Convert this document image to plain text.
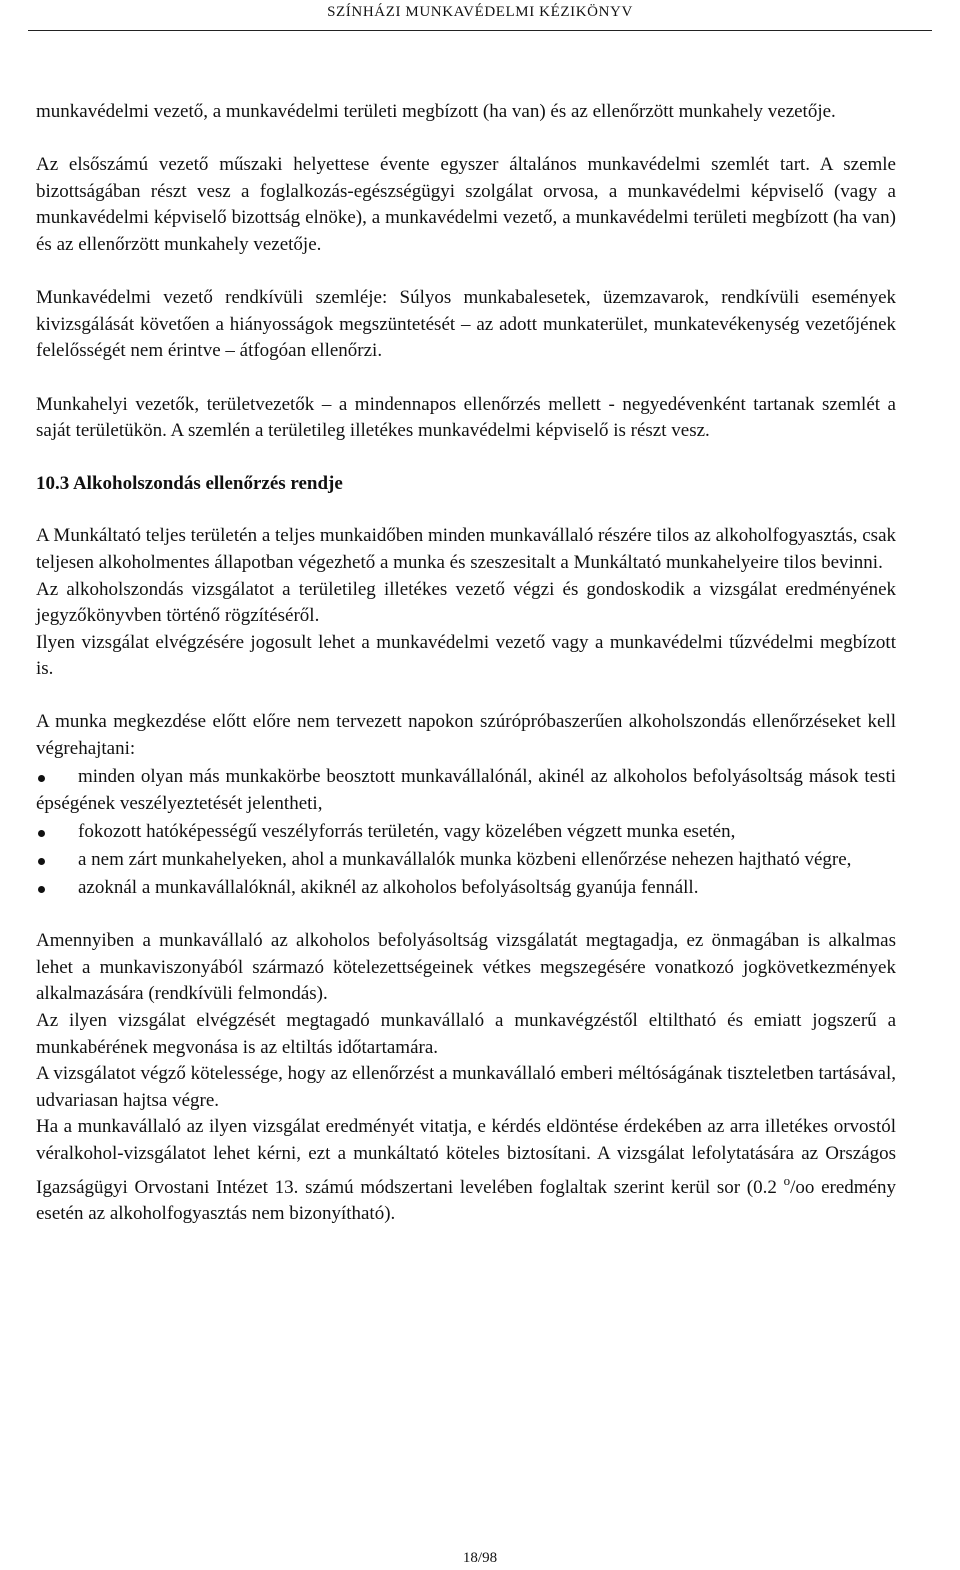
SZÍNHÁZI MUNKAVÉDELMI KÉZIKÖNYV

munkavédelmi vezető, a munkavédelmi területi megbízott (ha van) és az ellenőrzött munkahely vezetője.

Az elsőszámú vezető műszaki helyettese évente egyszer általános munkavédelmi szemlét tart. A szemle bizottságában részt vesz a foglalkozás-egészségügyi szolgálat orvosa, a munkavédelmi képviselő (vagy a munkavédelmi képviselő bizottság elnöke), a munkavédelmi vezető, a munkavédelmi területi megbízott (ha van) és az ellenőrzött munkahely vezetője.

Munkavédelmi vezető rendkívüli szemléje: Súlyos munkabalesetek, üzemzavarok, rendkívüli események kivizsgálását követően a hiányosságok megszüntetését – az adott munkaterület, munkatevékenység vezetőjének felelősségét nem érintve – átfogóan ellenőrzi.

Munkahelyi vezetők, területvezetők – a mindennapos ellenőrzés mellett - negyedévenként tartanak szemlét a saját területükön. A szemlén a területileg illetékes munkavédelmi képviselő is részt vesz.

10.3 Alkoholszondás ellenőrzés rendje

A Munkáltató teljes területén a teljes munkaidőben minden munkavállaló részére tilos az alkoholfogyasztás, csak teljesen alkoholmentes állapotban végezhető a munka és szeszesitalt a Munkáltató munkahelyeire tilos bevinni.

Az alkoholszondás vizsgálatot a területileg illetékes vezető végzi és gondoskodik a vizsgálat eredményének jegyzőkönyvben történő rögzítéséről.

Ilyen vizsgálat elvégzésére jogosult lehet a munkavédelmi vezető vagy a munkavédelmi tűzvédelmi megbízott is.

A munka megkezdése előtt előre nem tervezett napokon szúrópróbaszerűen alkoholszondás ellenőrzéseket kell végrehajtani:

minden olyan más munkakörbe beosztott munkavállalónál, akinél az alkoholos befolyásoltság mások testi épségének veszélyeztetését jelentheti,
fokozott hatóképességű veszélyforrás területén, vagy közelében végzett munka esetén,
a nem zárt munkahelyeken, ahol a munkavállalók munka közbeni ellenőrzése nehezen hajtható végre,
azoknál a munkavállalóknál, akiknél az alkoholos befolyásoltság gyanúja fennáll.

Amennyiben a munkavállaló az alkoholos befolyásoltság vizsgálatát megtagadja, ez önmagában is alkalmas lehet a munkaviszonyából származó kötelezettségeinek vétkes megszegésére vonatkozó jogkövetkezmények alkalmazására (rendkívüli felmondás).

Az ilyen vizsgálat elvégzését megtagadó munkavállaló a munkavégzéstől eltiltható és emiatt jogszerű a munkabérének megvonása is az eltiltás időtartamára.

A vizsgálatot végző kötelessége, hogy az ellenőrzést a munkavállaló emberi méltóságának tiszteletben tartásával, udvariasan hajtsa végre.

Ha a munkavállaló az ilyen vizsgálat eredményét vitatja, e kérdés eldöntése érdekében az arra illetékes orvostól véralkohol-vizsgálatot lehet kérni, ezt a munkáltató köteles biztosítani. A vizsgálat lefolytatására az Országos Igazságügyi Orvostani Intézet 13. számú módszertani levelében foglaltak szerint kerül sor (0.2 $^o$/oo eredmény esetén az alkoholfogyasztás nem bizonyítható).

18/98
